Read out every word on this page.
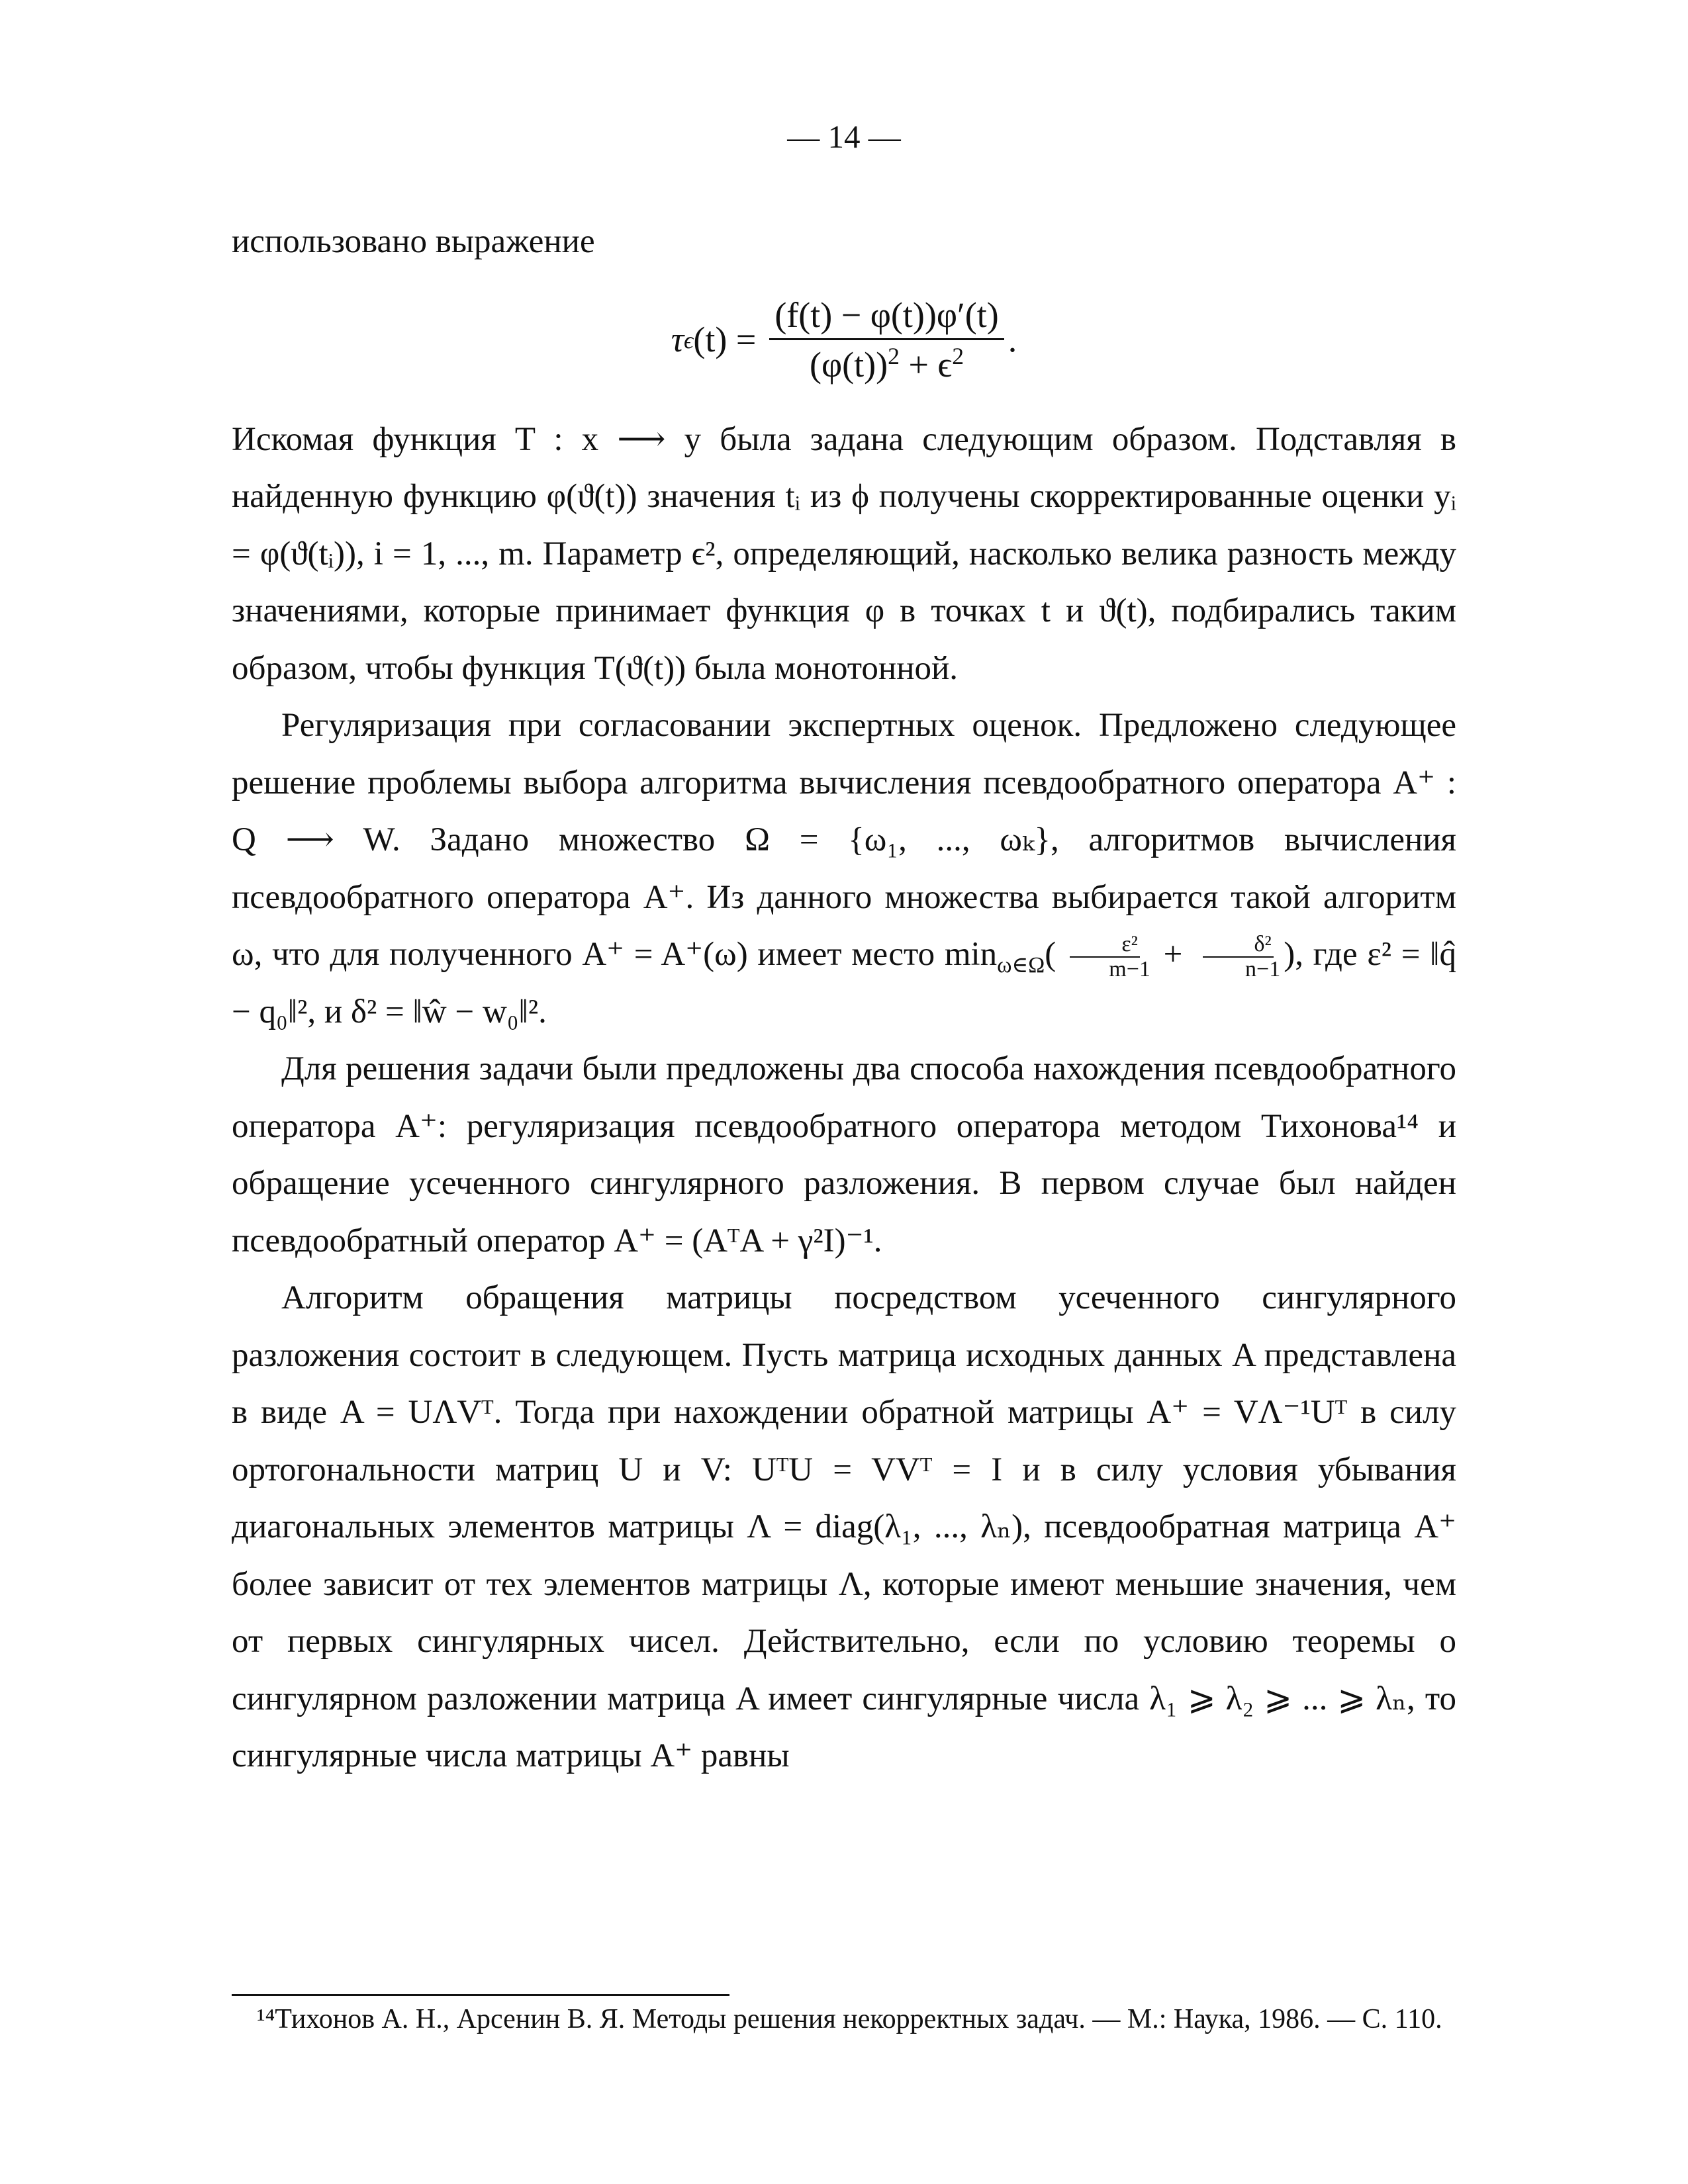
— 14 —

использовано выражение

τ ϵ $(t) = \frac{(f(t) - \varphi(t))\varphi'(t)}{(\varphi(t))^2 + \epsilon^2}$ .

Искомая функция T : x ⟶ y была задана следующим образом. Подставляя в найденную функцию φ(ϑ(t)) значения tᵢ из ϕ получены скорректированные оценки yᵢ = φ(ϑ(tᵢ)), i = 1, ..., m. Параметр ϵ², определяющий, насколько велика разность между значениями, которые принимает функция φ в точках t и ϑ(t), подбирались таким образом, чтобы функция T(ϑ(t)) была монотонной.

Регуляризация при согласовании экспертных оценок. Предложено следующее решение проблемы выбора алгоритма вычисления псевдообратного оператора A⁺ : Q ⟶ W. Задано множество Ω = {ω₁, ..., ωₖ}, алгоритмов вычисления псевдообратного оператора A⁺. Из данного множества выбирается такой алгоритм ω, что для полученного A⁺ = A⁺(ω) имеет место $\min_{\omega\in\Omega}( \frac{\text{ε²}}{m-1} + \frac{\text{δ²}}{n-1}$ ), где ε² = ‖q̂ − q₀‖², и δ² = ‖ŵ − w₀‖².

Для решения задачи были предложены два способа нахождения псевдообратного оператора A⁺: регуляризация псевдообратного оператора методом Тихонова¹⁴ и обращение усеченного сингулярного разложения. В первом случае был найден псевдообратный оператор A⁺ = (AᵀA + γ²I)⁻¹.

Алгоритм обращения матрицы посредством усеченного сингулярного разложения состоит в следующем. Пусть матрица исходных данных A представлена в виде A = UΛVᵀ. Тогда при нахождении обратной матрицы A⁺ = VΛ⁻¹Uᵀ в силу ортогональности матриц U и V: UᵀU = VVᵀ = I и в силу условия убывания диагональных элементов матрицы Λ = diag(λ₁, ..., λₙ), псевдообратная матрица A⁺ более зависит от тех элементов матрицы Λ, которые имеют меньшие значения, чем от первых сингулярных чисел. Действительно, если по условию теоремы о сингулярном разложении матрица A имеет сингулярные числа λ₁ ⩾ λ₂ ⩾ ... ⩾ λₙ, то сингулярные числа матрицы A⁺ равны

¹⁴Тихонов А. Н., Арсенин В. Я. Методы решения некорректных задач. — М.: Наука, 1986. — С. 110.
